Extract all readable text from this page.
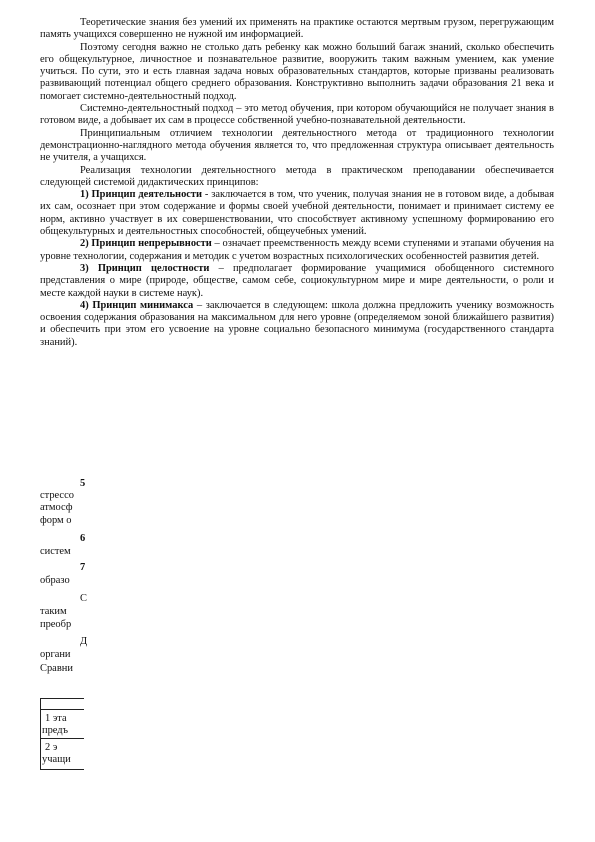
Теоретические знания без умений их применять на практике остаются мертвым грузом, перегружающим память учащихся совершенно не нужной им информацией.

Поэтому сегодня важно не столько дать ребенку как можно больший багаж знаний, сколько обеспечить его общекультурное, личностное и познавательное развитие, вооружить таким важным умением, как умение учиться. По сути, это и есть главная задача новых образовательных стандартов, которые призваны реализовать развивающий потенциал общего среднего образования. Конструктивно выполнить задачи образования 21 века и помогает системно-деятельностный подход.

Системно-деятельностный подход – это метод обучения, при котором обучающийся не получает знания в готовом виде, а добывает их сам в процессе собственной учебно-познавательной деятельности.

Принципиальным отличием технологии деятельностного метода от традиционного технологии демонстрационно-наглядного метода обучения является то, что предложенная структура описывает деятельность не учителя, а учащихся.

Реализация технологии деятельностного метода в практическом преподавании обеспечивается следующей системой дидактических принципов:

1) Принцип деятельности - заключается в том, что ученик, получая знания не в готовом виде, а добывая их сам, осознает при этом содержание и формы своей учебной деятельности, понимает и принимает систему ее норм, активно участвует в их совершенствовании, что способствует активному успешному формированию его общекультурных и деятельностных способностей, общеучебных умений.

2) Принцип непрерывности – означает преемственность между всеми ступенями и этапами обучения на уровне технологии, содержания и методик с учетом возрастных психологических особенностей развития детей.

3) Принцип целостности – предполагает формирование учащимися обобщенного системного представления о мире (природе, обществе, самом себе, социокультурном мире и мире деятельности, о роли и месте каждой науки в системе наук).

4) Принцип минимакса – заключается в следующем: школа должна предложить ученику возможность освоения содержания образования на максимальном для него уровне (определяемом зоной ближайшего развития) и обеспечить при этом его усвоение на уровне социально безопасного минимума (государственного стандарта знаний).

5
стрессо
атмосф
форм о
6
систем
7
образо
С
таким
преобр
Д
органи
Сравни
1 эта
предъ
2 э
учащи
